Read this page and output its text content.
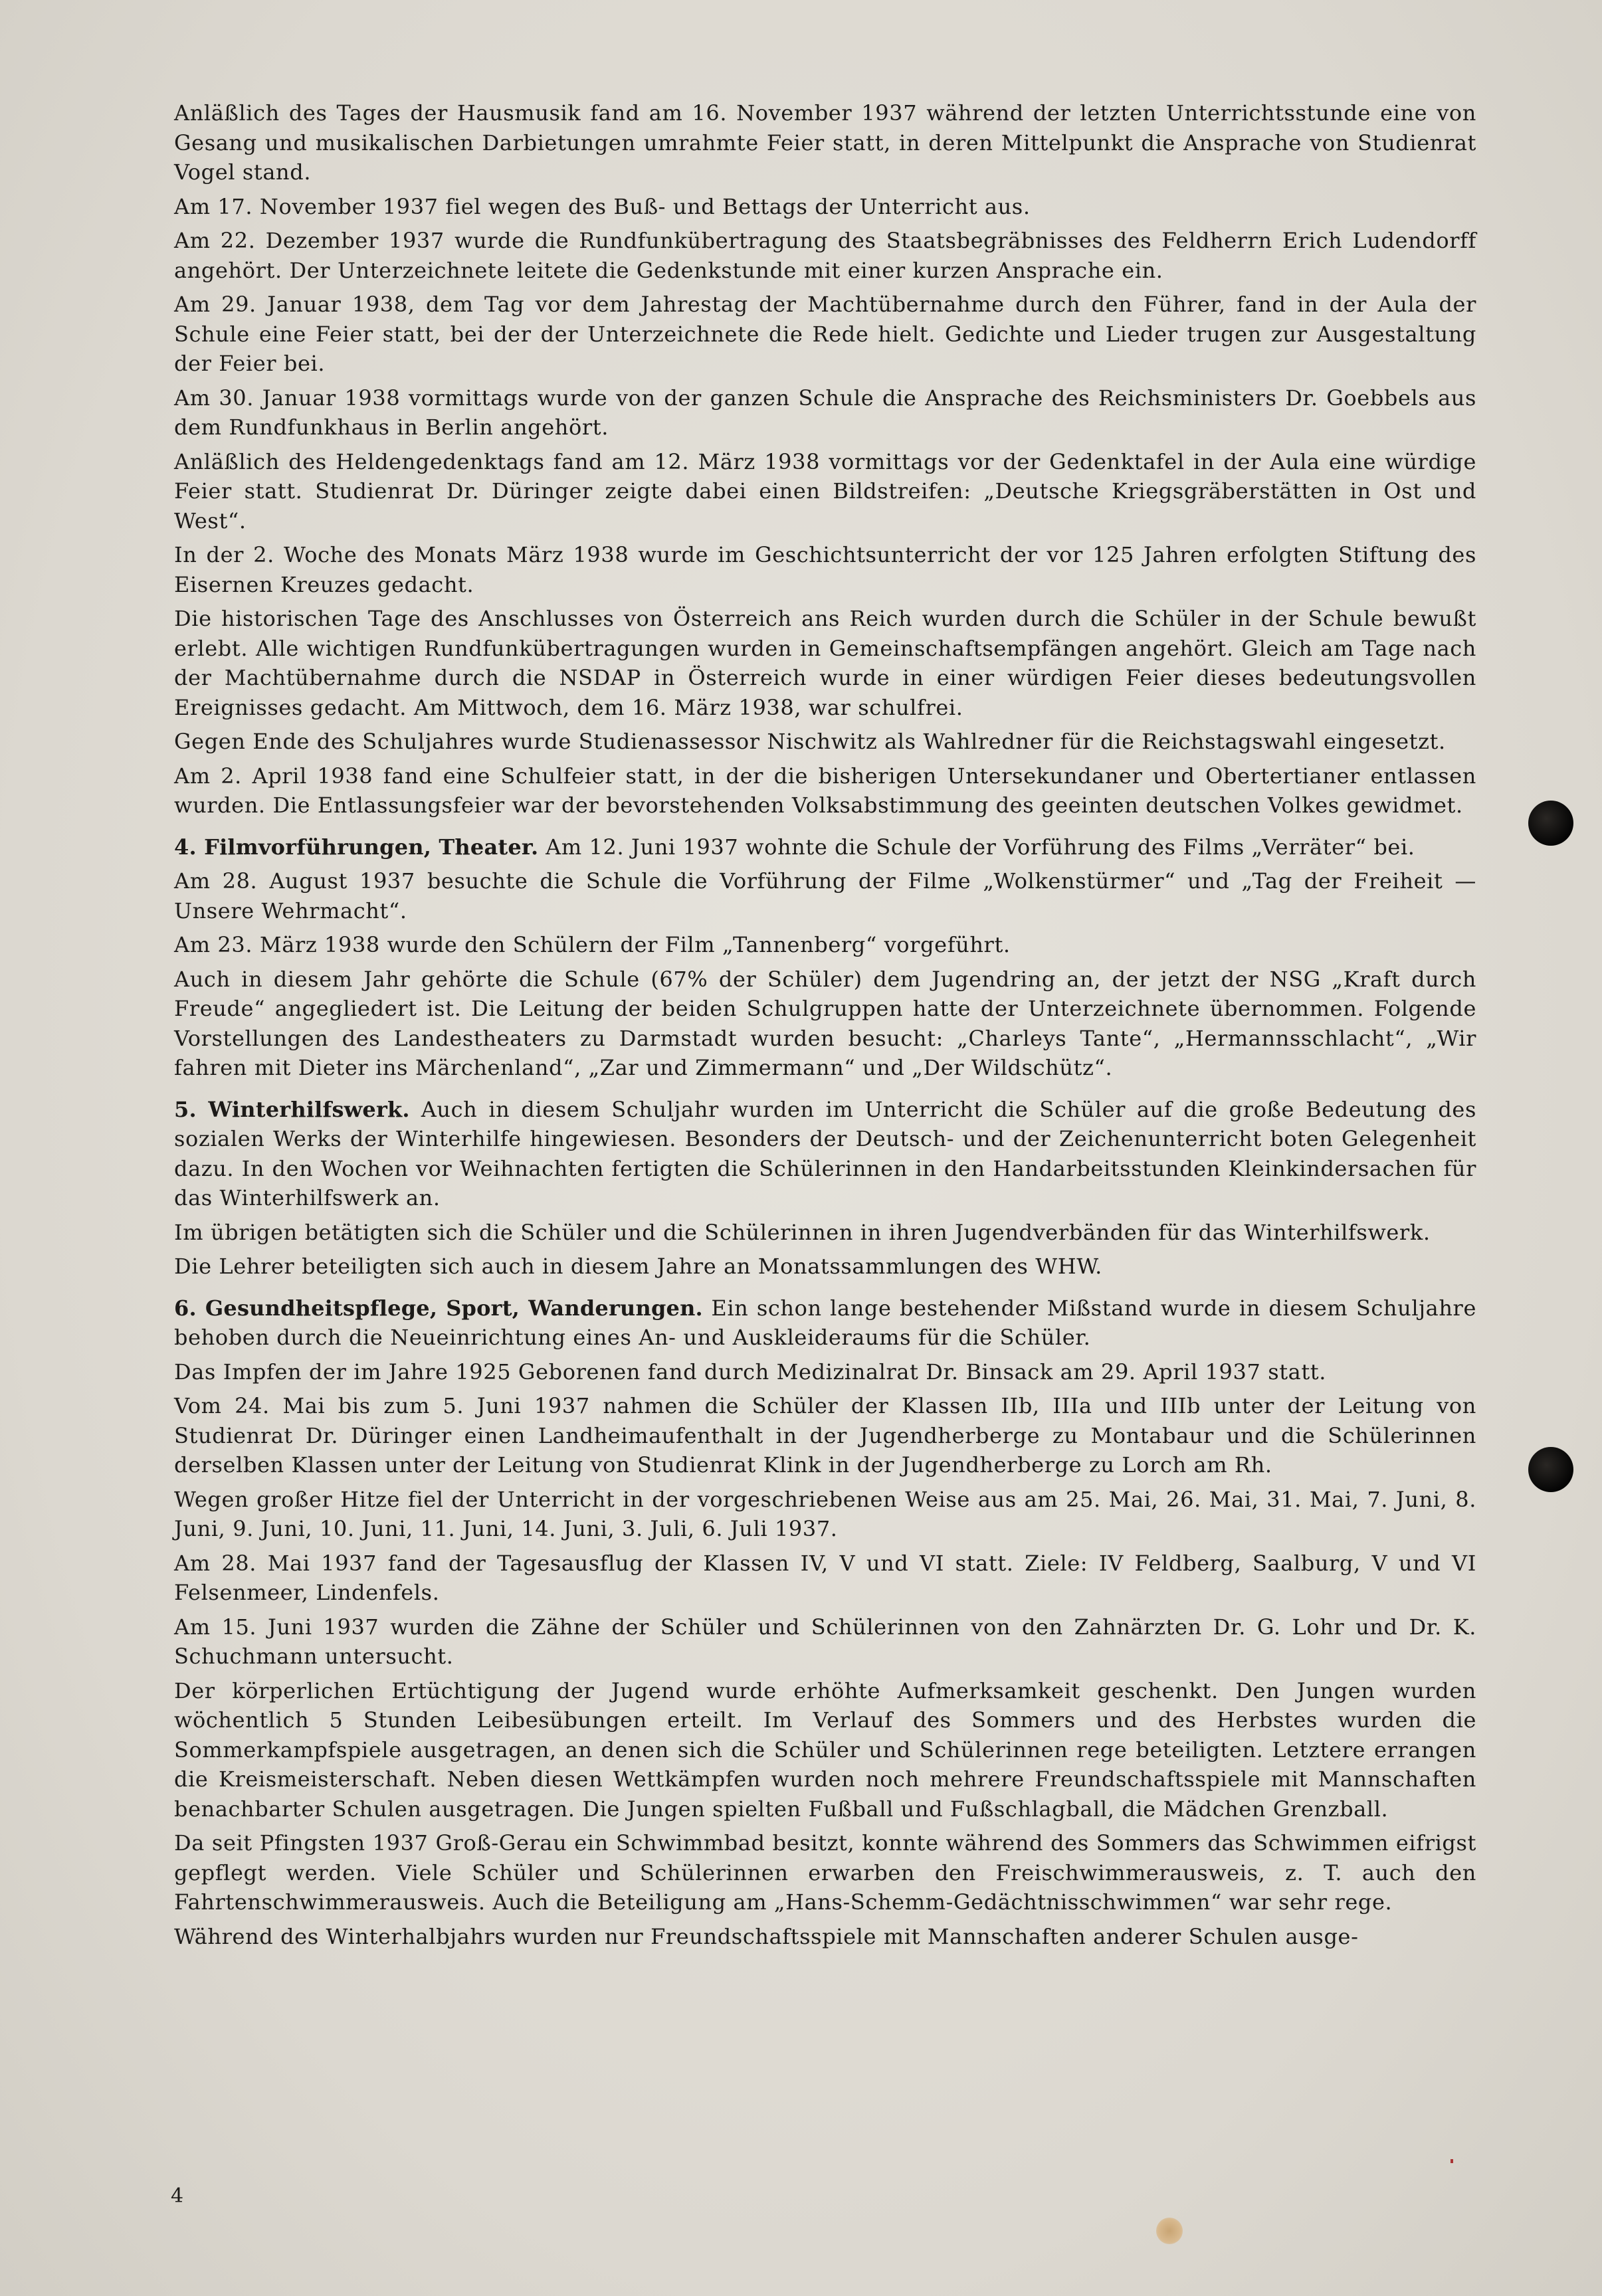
Anläßlich des Tages der Hausmusik fand am 16. November 1937 während der letzten Unterrichtsstunde eine von Gesang und musikalischen Darbietungen umrahmte Feier statt, in deren Mittelpunkt die Ansprache von Studienrat Vogel stand.

Am 17. November 1937 fiel wegen des Buß- und Bettags der Unterricht aus.

Am 22. Dezember 1937 wurde die Rundfunkübertragung des Staatsbegräbnisses des Feldherrn Erich Ludendorff angehört. Der Unterzeichnete leitete die Gedenkstunde mit einer kurzen Ansprache ein.

Am 29. Januar 1938, dem Tag vor dem Jahrestag der Machtübernahme durch den Führer, fand in der Aula der Schule eine Feier statt, bei der der Unterzeichnete die Rede hielt. Gedichte und Lieder trugen zur Ausgestaltung der Feier bei.

Am 30. Januar 1938 vormittags wurde von der ganzen Schule die Ansprache des Reichsministers Dr. Goebbels aus dem Rundfunkhaus in Berlin angehört.

Anläßlich des Heldengedenktags fand am 12. März 1938 vormittags vor der Gedenktafel in der Aula eine würdige Feier statt. Studienrat Dr. Düringer zeigte dabei einen Bildstreifen: „Deutsche Kriegsgräberstätten in Ost und West“.

In der 2. Woche des Monats März 1938 wurde im Geschichtsunterricht der vor 125 Jahren erfolgten Stiftung des Eisernen Kreuzes gedacht.

Die historischen Tage des Anschlusses von Österreich ans Reich wurden durch die Schüler in der Schule bewußt erlebt. Alle wichtigen Rundfunkübertragungen wurden in Gemeinschaftsempfängen angehört. Gleich am Tage nach der Machtübernahme durch die NSDAP in Österreich wurde in einer würdigen Feier dieses bedeutungsvollen Ereignisses gedacht. Am Mittwoch, dem 16. März 1938, war schulfrei.

Gegen Ende des Schuljahres wurde Studienassessor Nischwitz als Wahlredner für die Reichstagswahl eingesetzt.

Am 2. April 1938 fand eine Schulfeier statt, in der die bisherigen Untersekundaner und Obertertianer entlassen wurden. Die Entlassungsfeier war der bevorstehenden Volksabstimmung des geeinten deutschen Volkes gewidmet.

4. Filmvorführungen, Theater. Am 12. Juni 1937 wohnte die Schule der Vorführung des Films „Verräter“ bei.

Am 28. August 1937 besuchte die Schule die Vorführung der Filme „Wolkenstürmer“ und „Tag der Freiheit — Unsere Wehrmacht“.

Am 23. März 1938 wurde den Schülern der Film „Tannenberg“ vorgeführt.

Auch in diesem Jahr gehörte die Schule (67% der Schüler) dem Jugendring an, der jetzt der NSG „Kraft durch Freude“ angegliedert ist. Die Leitung der beiden Schulgruppen hatte der Unterzeichnete übernommen. Folgende Vorstellungen des Landestheaters zu Darmstadt wurden besucht: „Charleys Tante“, „Hermannsschlacht“, „Wir fahren mit Dieter ins Märchenland“, „Zar und Zimmermann“ und „Der Wildschütz“.

5. Winterhilfswerk. Auch in diesem Schuljahr wurden im Unterricht die Schüler auf die große Bedeutung des sozialen Werks der Winterhilfe hingewiesen. Besonders der Deutsch- und der Zeichenunterricht boten Gelegenheit dazu. In den Wochen vor Weihnachten fertigten die Schülerinnen in den Handarbeitsstunden Kleinkindersachen für das Winterhilfswerk an.

Im übrigen betätigten sich die Schüler und die Schülerinnen in ihren Jugendverbänden für das Winterhilfswerk.

Die Lehrer beteiligten sich auch in diesem Jahre an Monatssammlungen des WHW.

6. Gesundheitspflege, Sport, Wanderungen. Ein schon lange bestehender Mißstand wurde in diesem Schuljahre behoben durch die Neueinrichtung eines An- und Auskleideraums für die Schüler.

Das Impfen der im Jahre 1925 Geborenen fand durch Medizinalrat Dr. Binsack am 29. April 1937 statt.

Vom 24. Mai bis zum 5. Juni 1937 nahmen die Schüler der Klassen IIb, IIIa und IIIb unter der Leitung von Studienrat Dr. Düringer einen Landheimaufenthalt in der Jugendherberge zu Montabaur und die Schülerinnen derselben Klassen unter der Leitung von Studienrat Klink in der Jugendherberge zu Lorch am Rh.

Wegen großer Hitze fiel der Unterricht in der vorgeschriebenen Weise aus am 25. Mai, 26. Mai, 31. Mai, 7. Juni, 8. Juni, 9. Juni, 10. Juni, 11. Juni, 14. Juni, 3. Juli, 6. Juli 1937.

Am 28. Mai 1937 fand der Tagesausflug der Klassen IV, V und VI statt. Ziele: IV Feldberg, Saalburg, V und VI Felsenmeer, Lindenfels.

Am 15. Juni 1937 wurden die Zähne der Schüler und Schülerinnen von den Zahnärzten Dr. G. Lohr und Dr. K. Schuchmann untersucht.

Der körperlichen Ertüchtigung der Jugend wurde erhöhte Aufmerksamkeit geschenkt. Den Jungen wurden wöchentlich 5 Stunden Leibesübungen erteilt. Im Verlauf des Sommers und des Herbstes wurden die Sommerkampfspiele ausgetragen, an denen sich die Schüler und Schülerinnen rege beteiligten. Letztere errangen die Kreismeisterschaft. Neben diesen Wettkämpfen wurden noch mehrere Freundschaftsspiele mit Mannschaften benachbarter Schulen ausgetragen. Die Jungen spielten Fußball und Fußschlagball, die Mädchen Grenzball.

Da seit Pfingsten 1937 Groß-Gerau ein Schwimmbad besitzt, konnte während des Sommers das Schwimmen eifrigst gepflegt werden. Viele Schüler und Schülerinnen erwarben den Freischwimmerausweis, z. T. auch den Fahrtenschwimmerausweis. Auch die Beteiligung am „Hans-Schemm-Gedächtnisschwimmen“ war sehr rege.

Während des Winterhalbjahrs wurden nur Freundschaftsspiele mit Mannschaften anderer Schulen ausge-

4
